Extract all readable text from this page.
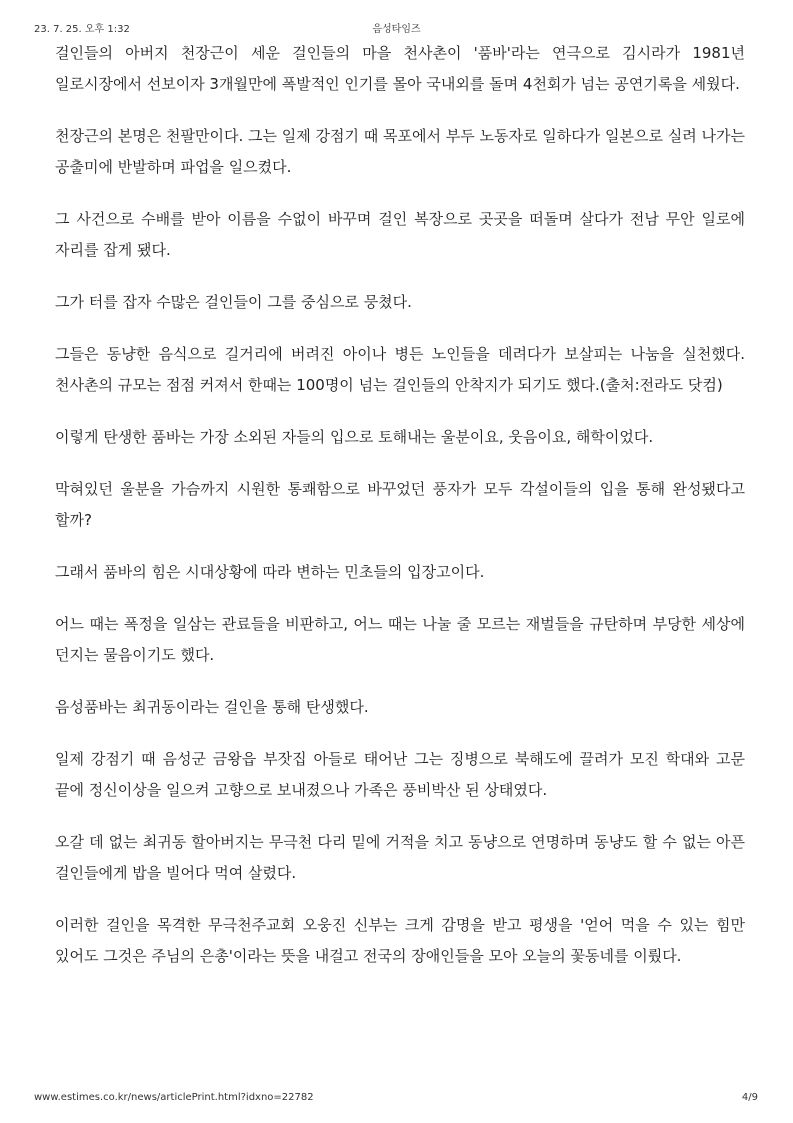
23. 7. 25. 오후 1:32	음성타임즈

걸인들의 아버지 천장근이 세운 걸인들의 마을 천사촌이 '품바'라는 연극으로 김시라가 1981년 일로시장에서 선보이자 3개월만에 폭발적인 인기를 몰아 국내외를 돌며 4천회가 넘는 공연기록을 세웠다.

천장근의 본명은 천팔만이다. 그는 일제 강점기 때 목포에서 부두 노동자로 일하다가 일본으로 실려 나가는 공출미에 반발하며 파업을 일으켰다.

그 사건으로 수배를 받아 이름을 수없이 바꾸며 걸인 복장으로 곳곳을 떠돌며 살다가 전남 무안 일로에 자리를 잡게 됐다.

그가 터를 잡자 수많은 걸인들이 그를 중심으로 뭉쳤다.

그들은 동냥한 음식으로 길거리에 버려진 아이나 병든 노인들을 데려다가 보살피는 나눔을 실천했다. 천사촌의 규모는 점점 커져서 한때는 100명이 넘는 걸인들의 안착지가 되기도 했다.(출처:전라도 닷컴)

이렇게 탄생한 품바는 가장 소외된 자들의 입으로 토해내는 울분이요, 웃음이요, 해학이었다.

막혀있던 울분을 가슴까지 시원한 통쾌함으로 바꾸었던 풍자가 모두 각설이들의 입을 통해 완성됐다고 할까?

그래서 품바의 힘은 시대상황에 따라 변하는 민초들의 입장고이다.

어느 때는 폭정을 일삼는 관료들을 비판하고, 어느 때는 나눌 줄 모르는 재벌들을 규탄하며 부당한 세상에 던지는 물음이기도 했다.

음성품바는 최귀동이라는 걸인을 통해 탄생했다.

일제 강점기 때 음성군 금왕읍 부잣집 아들로 태어난 그는 징병으로 북해도에 끌려가 모진 학대와 고문 끝에 정신이상을 일으켜 고향으로 보내졌으나 가족은 풍비박산 된 상태였다.

오갈 데 없는 최귀동 할아버지는 무극천 다리 밑에 거적을 치고 동냥으로 연명하며 동냥도 할 수 없는 아픈 걸인들에게 밥을 빌어다 먹여 살렸다.

이러한 걸인을 목격한 무극천주교회 오웅진 신부는 크게 감명을 받고 평생을 '얻어 먹을 수 있는 힘만 있어도 그것은 주님의 은총'이라는 뜻을 내걸고 전국의 장애인들을 모아 오늘의 꽃동네를 이뤘다.

www.estimes.co.kr/news/articlePrint.html?idxno=22782	4/9
